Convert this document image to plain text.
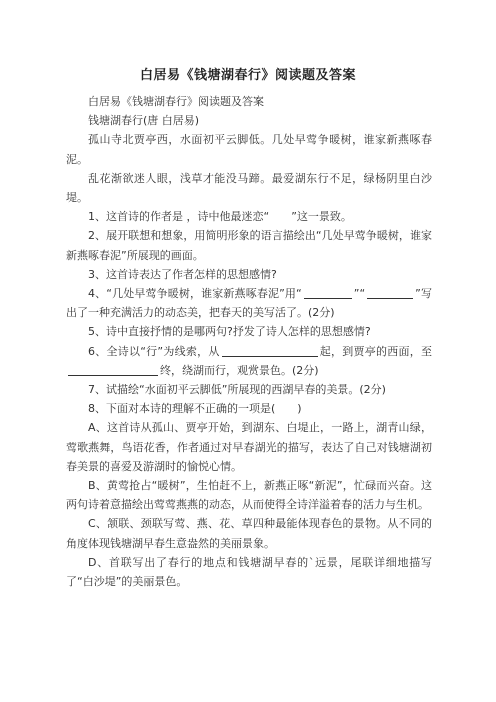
白居易《钱塘湖春行》阅读题及答案

白居易《钱塘湖春行》阅读题及答案

钱塘湖春行(唐 白居易)

孤山寺北贾亭西，水面初平云脚低。几处早莺争暖树，谁家新燕啄春泥。

乱花渐欲迷人眼，浅草才能没马蹄。最爱湖东行不足，绿杨阴里白沙堤。

1、这首诗的作者是 ，诗中他最迷恋“　　”这一景致。

2、展开联想和想象，用简明形象的语言描绘出“几处早莺争暖树，谁家新燕啄春泥”所展现的画面。

3、这首诗表达了作者怎样的思想感情?

4、“几处早莺争暖树，谁家新燕啄春泥”用“	”“	”写出了一种充满活力的动态美，把春天的美写活了。(2分)

5、诗中直接抒情的是哪两句?抒发了诗人怎样的思想感情?

6、全诗以“行”为线索，从	起，到贾亭的西面，至终，绕湖而行，观赏景色。(2分)

7、试描绘“水面初平云脚低”所展现的西湖早春的美景。(2分)

8、下面对本诗的理解不正确的一项是(　　)

A、这首诗从孤山、贾亭开始，到湖东、白堤止，一路上，湖青山绿，莺歌燕舞，鸟语花香，作者通过对早春湖光的描写，表达了自己对钱塘湖初春美景的喜爱及游湖时的愉悦心情。

B、黄莺抢占“暖树”，生怕赶不上，新燕正啄“新泥”，忙碌而兴奋。这两句诗着意描绘出莺莺燕燕的动态，从而使得全诗洋溢着春的活力与生机。

C、颔联、颈联写莺、燕、花、草四种最能体现春色的景物。从不同的角度体现钱塘湖早春生意盎然的美丽景象。

D、首联写出了春行的地点和钱塘湖早春的`远景，尾联详细地描写了“白沙堤”的美丽景色。
